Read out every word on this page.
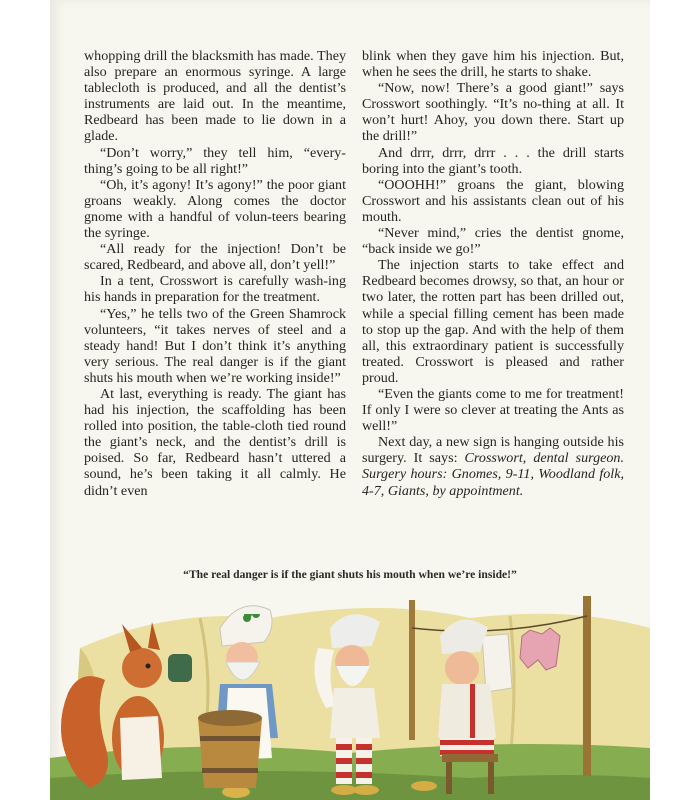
whopping drill the blacksmith has made. They also prepare an enormous syringe. A large tablecloth is produced, and all the dentist’s instruments are laid out. In the meantime, Redbeard has been made to lie down in a glade.

“Don’t worry,” they tell him, “every-thing’s going to be all right!”

“Oh, it’s agony! It’s agony!” the poor giant groans weakly. Along comes the doctor gnome with a handful of volun-teers bearing the syringe.

“All ready for the injection! Don’t be scared, Redbeard, and above all, don’t yell!”

In a tent, Crosswort is carefully wash-ing his hands in preparation for the treatment.

“Yes,” he tells two of the Green Shamrock volunteers, “it takes nerves of steel and a steady hand! But I don’t think it’s anything very serious. The real danger is if the giant shuts his mouth when we’re working inside!”

At last, everything is ready. The giant has had his injection, the scaffolding has been rolled into position, the table-cloth tied round the giant’s neck, and the dentist’s drill is poised. So far, Redbeard hasn’t uttered a sound, he’s been taking it all calmly. He didn’t even

blink when they gave him his injection. But, when he sees the drill, he starts to shake.

“Now, now! There’s a good giant!” says Crosswort soothingly. “It’s no-thing at all. It won’t hurt! Ahoy, you down there. Start up the drill!”

And drrr, drrr, drrr . . . the drill starts boring into the giant’s tooth.

“OOOHH!” groans the giant, blowing Crosswort and his assistants clean out of his mouth.

“Never mind,” cries the dentist gnome, “back inside we go!”

The injection starts to take effect and Redbeard becomes drowsy, so that, an hour or two later, the rotten part has been drilled out, while a special filling cement has been made to stop up the gap. And with the help of them all, this extraordinary patient is successfully treated. Crosswort is pleased and rather proud.

“Even the giants come to me for treatment! If only I were so clever at treating the Ants as well!”

Next day, a new sign is hanging outside his surgery. It says: Crosswort, dental surgeon. Surgery hours: Gnomes, 9-11, Woodland folk, 4-7, Giants, by appointment.

“The real danger is if the giant shuts his mouth when we’re inside!”
